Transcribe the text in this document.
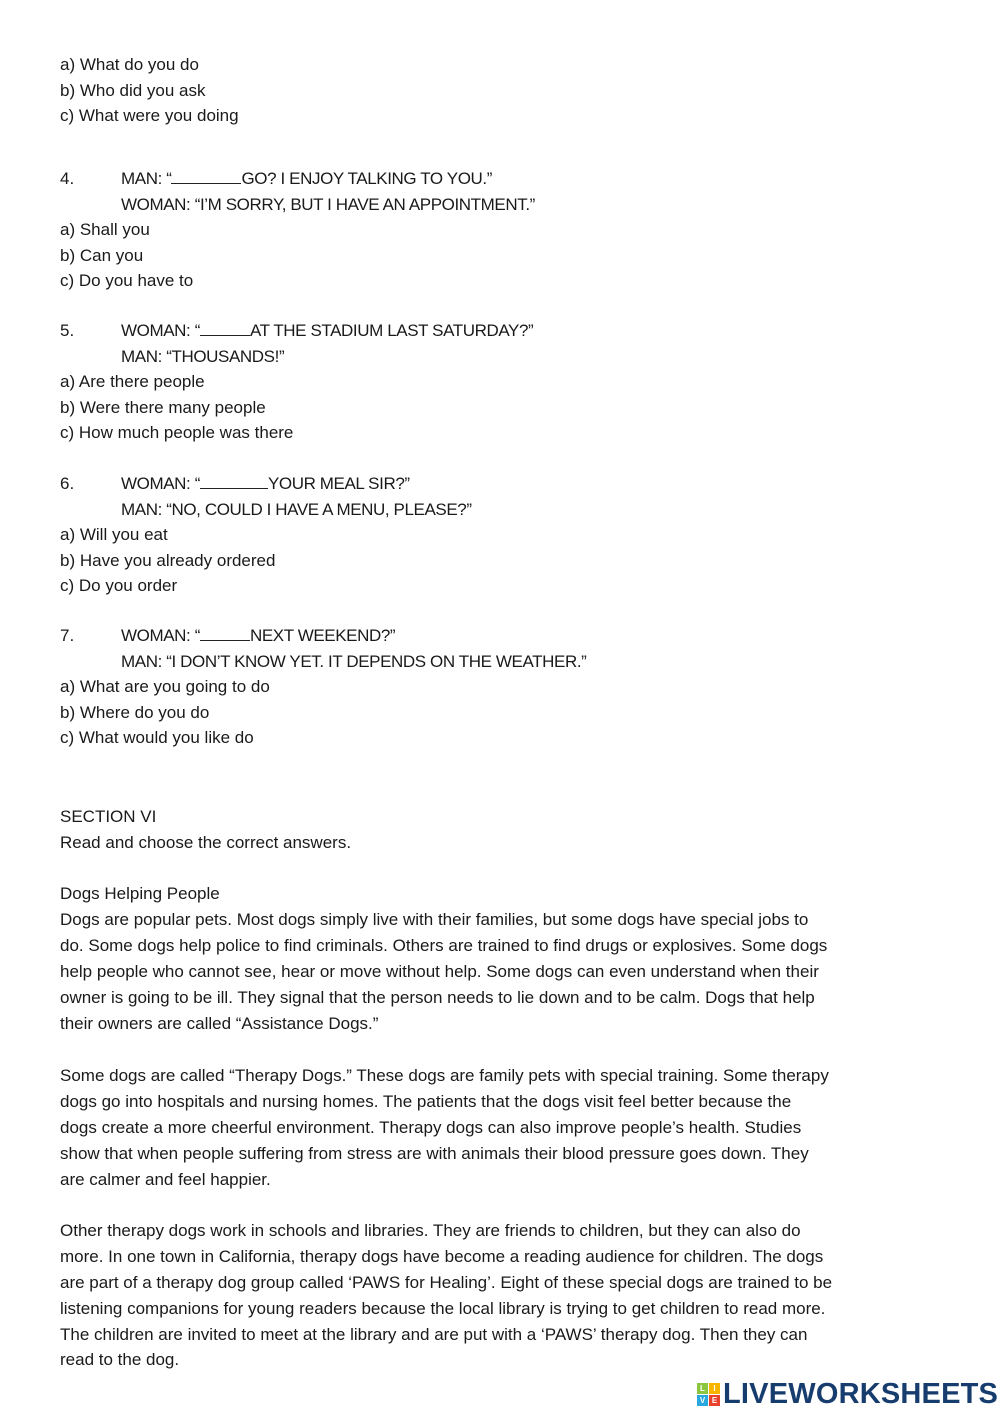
a) What do you do
b) Who did you ask
c) What were you doing
4.	MAN: “	GO? I ENJOY TALKING TO YOU.”
WOMAN: “I’M SORRY, BUT I HAVE AN APPOINTMENT.”
a) Shall you
b) Can you
c) Do you have to
5.	WOMAN: “	AT THE STADIUM LAST SATURDAY?”
MAN: “THOUSANDS!”
a) Are there people
b) Were there many people
c) How much people was there
6.	WOMAN: “	YOUR MEAL SIR?”
MAN: “NO, COULD I HAVE A MENU, PLEASE?”
a) Will you eat
b) Have you already ordered
c) Do you order
7.	WOMAN: “	NEXT WEEKEND?”
MAN: “I DON’T KNOW YET. IT DEPENDS ON THE WEATHER.”
a) What are you going to do
b) Where do you do
c) What would you like do
SECTION VI
Read and choose the correct answers.
Dogs Helping People
Dogs are popular pets. Most dogs simply live with their families, but some dogs have special jobs to
do. Some dogs help police to find criminals. Others are trained to find drugs or explosives. Some dogs
help people who cannot see, hear or move without help. Some dogs can even understand when their
owner is going to be ill. They signal that the person needs to lie down and to be calm. Dogs that help
their owners are called “Assistance Dogs.”
Some dogs are called “Therapy Dogs.” These dogs are family pets with special training. Some therapy
dogs go into hospitals and nursing homes. The patients that the dogs visit feel better because the
dogs create a more cheerful environment. Therapy dogs can also improve people’s health. Studies
show that when people suffering from stress are with animals their blood pressure goes down. They
are calmer and feel happier.
Other therapy dogs work in schools and libraries. They are friends to children, but they can also do
more. In one town in California, therapy dogs have become a reading audience for children. The dogs
are part of a therapy dog group called ‘PAWS for Healing’. Eight of these special dogs are trained to be
listening companions for young readers because the local library is trying to get children to read more.
The children are invited to meet at the library and are put with a ‘PAWS’ therapy dog. Then they can
read to the dog.
L	I
V E LIVEWORKSHEETS
